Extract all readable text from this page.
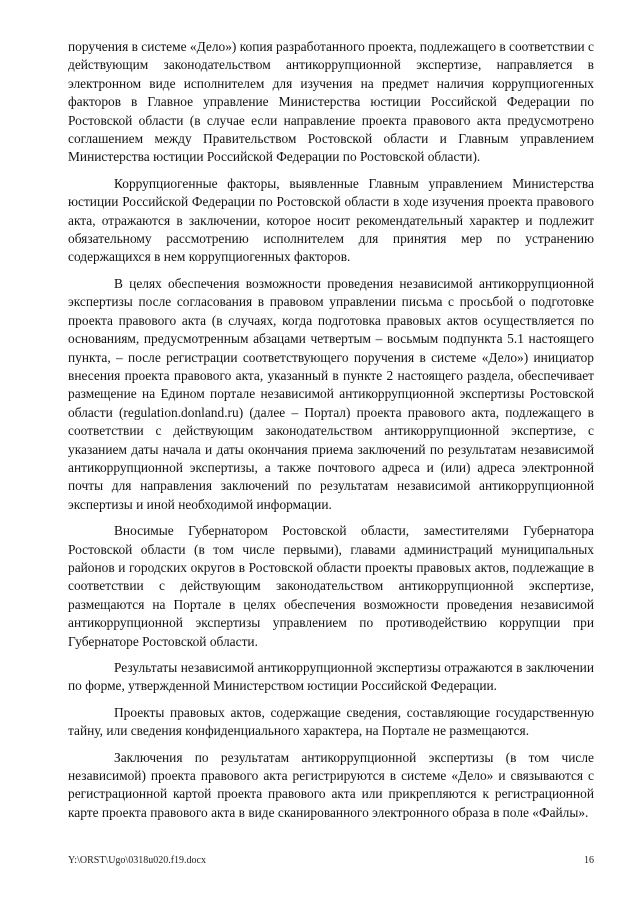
поручения в системе «Дело») копия разработанного проекта, подлежащего в соответствии с действующим законодательством антикоррупционной экспертизе, направляется в электронном виде исполнителем для изучения на предмет наличия коррупциогенных факторов в Главное управление Министерства юстиции Российской Федерации по Ростовской области (в случае если направление проекта правового акта предусмотрено соглашением между Правительством Ростовской области и Главным управлением Министерства юстиции Российской Федерации по Ростовской области).

Коррупциогенные факторы, выявленные Главным управлением Министерства юстиции Российской Федерации по Ростовской области в ходе изучения проекта правового акта, отражаются в заключении, которое носит рекомендательный характер и подлежит обязательному рассмотрению исполнителем для принятия мер по устранению содержащихся в нем коррупциогенных факторов.

В целях обеспечения возможности проведения независимой антикоррупционной экспертизы после согласования в правовом управлении письма с просьбой о подготовке проекта правового акта (в случаях, когда подготовка правовых актов осуществляется по основаниям, предусмотренным абзацами четвертым – восьмым подпункта 5.1 настоящего пункта, – после регистрации соответствующего поручения в системе «Дело») инициатор внесения проекта правового акта, указанный в пункте 2 настоящего раздела, обеспечивает размещение на Едином портале независимой антикоррупционной экспертизы Ростовской области (regulation.donland.ru) (далее – Портал) проекта правового акта, подлежащего в соответствии с действующим законодательством антикоррупционной экспертизе, с указанием даты начала и даты окончания приема заключений по результатам независимой антикоррупционной экспертизы, а также почтового адреса и (или) адреса электронной почты для направления заключений по результатам независимой антикоррупционной экспертизы и иной необходимой информации.

Вносимые Губернатором Ростовской области, заместителями Губернатора Ростовской области (в том числе первыми), главами администраций муниципальных районов и городских округов в Ростовской области проекты правовых актов, подлежащие в соответствии с действующим законодательством антикоррупционной экспертизе, размещаются на Портале в целях обеспечения возможности проведения независимой антикоррупционной экспертизы управлением по противодействию коррупции при Губернаторе Ростовской области.

Результаты независимой антикоррупционной экспертизы отражаются в заключении по форме, утвержденной Министерством юстиции Российской Федерации.

Проекты правовых актов, содержащие сведения, составляющие государственную тайну, или сведения конфиденциального характера, на Портале не размещаются.

Заключения по результатам антикоррупционной экспертизы (в том числе независимой) проекта правового акта регистрируются в системе «Дело» и связываются с регистрационной картой проекта правового акта или прикрепляются к регистрационной карте проекта правового акта в виде сканированного электронного образа в поле «Файлы».

Y:\ORST\Ugo\0318u020.f19.docx	16
